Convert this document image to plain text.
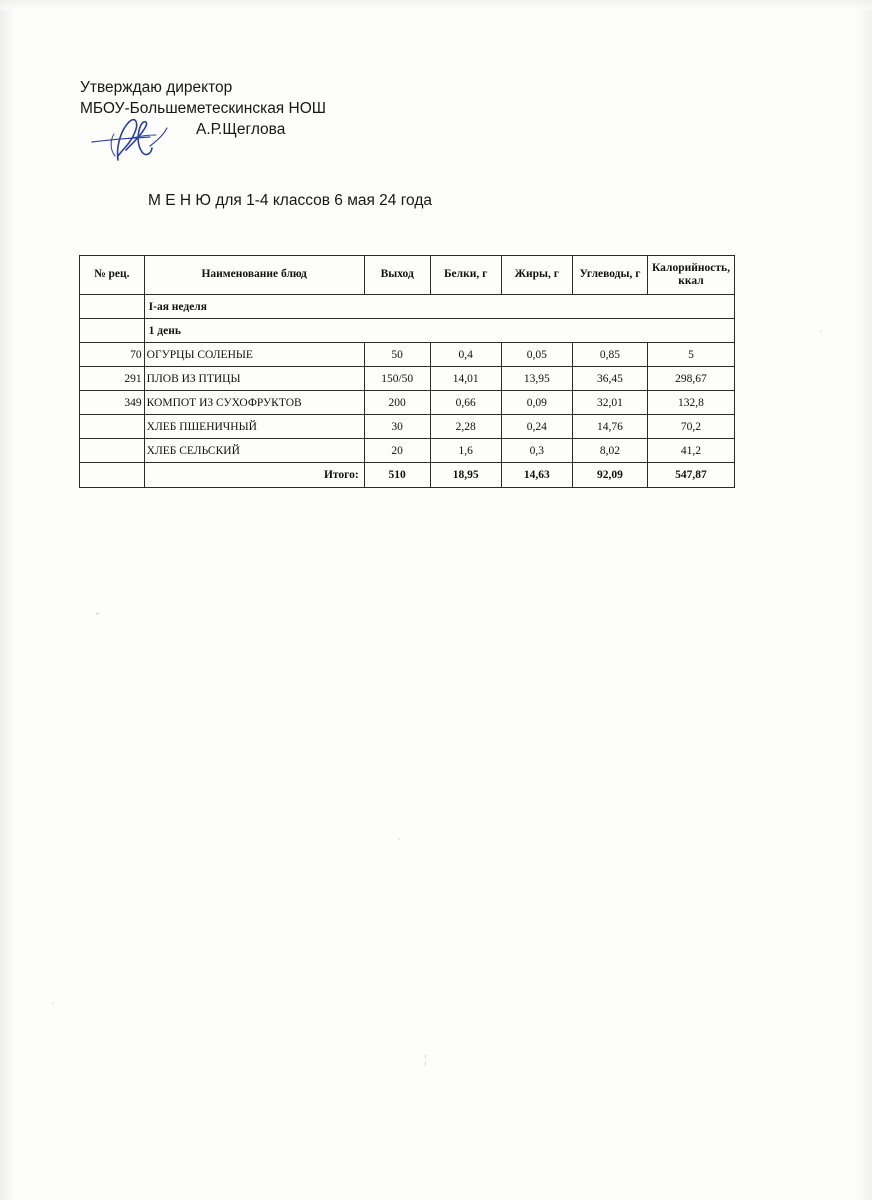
Утверждаю директор
МБОУ-Большеметескинская НОШ
А.Р.Щеглова
М Е Н Ю для 1-4 классов 6 мая 24 года
№ рец.	Наименование блюд	Выход	Белки, г	Жиры, г	Углеводы, г	Калорийность, ккал
	I-ая неделя					
	1 день					
70	ОГУРЦЫ СОЛЕНЫЕ	50	0,4	0,05	0,85	5
291	ПЛОВ ИЗ ПТИЦЫ	150/50	14,01	13,95	36,45	298,67
349	КОМПОТ ИЗ СУХОФРУКТОВ	200	0,66	0,09	32,01	132,8
	ХЛЕБ ПШЕНИЧНЫЙ	30	2,28	0,24	14,76	70,2
	ХЛЕБ СЕЛЬСКИЙ	20	1,6	0,3	8,02	41,2
	Итого:	510	18,95	14,63	92,09	547,87
¦
